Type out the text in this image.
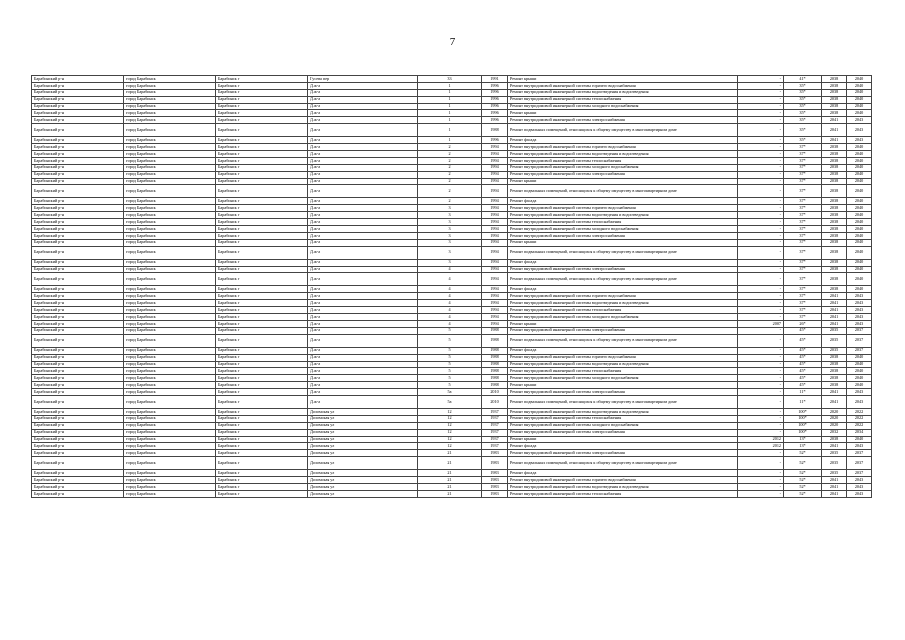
7
Барабинский р-н	город Барабинск	Барабинск г	Гусева пер	33	1991	Ремонт крыши	-	41*	2038	2040
Барабинский р-н	город Барабинск	Барабинск г	Д.ж-а	1	1996	Ремонт внутридомовой инженерной системы горячего водоснабжения	-	35*	2038	2040
Барабинский р-н	город Барабинск	Барабинск г	Д.ж-а	1	1996	Ремонт внутридомовой инженерной системы водоотведения и водоотведения	-	35*	2038	2040
Барабинский р-н	город Барабинск	Барабинск г	Д.ж-а	1	1996	Ремонт внутридомовой инженерной системы теплоснабжения	-	35*	2038	2040
Барабинский р-н	город Барабинск	Барабинск г	Д.ж-а	1	1996	Ремонт внутридомовой инженерной системы холодного водоснабжения	-	35*	2038	2040
Барабинский р-н	город Барабинск	Барабинск г	Д.ж-а	1	1996	Ремонт крыши	-	35*	2038	2040
Барабинский р-н	город Барабинск	Барабинск г	Д.ж-а	1	1996	Ремонт внутридомовой инженерной системы электроснабжения	-	35*	2041	2043
Барабинский р-н	город Барабинск	Барабинск г	Д.ж-а	1	1988	Ремонт подвальных помещений, относящихся к общему имуществу в многоквартирном доме	-	35*	2041	2043
Барабинский р-н	город Барабинск	Барабинск г	Д.ж-а	1	1996	Ремонт фасада	-	35*	2041	2043
Барабинский р-н	город Барабинск	Барабинск г	Д.ж-а	2	1994	Ремонт внутридомовой инженерной системы горячего водоснабжения	-	37*	2038	2040
Барабинский р-н	город Барабинск	Барабинск г	Д.ж-а	2	1994	Ремонт внутридомовой инженерной системы водоотведения и водоотведения	-	37*	2038	2040
Барабинский р-н	город Барабинск	Барабинск г	Д.ж-а	2	1994	Ремонт внутридомовой инженерной системы теплоснабжения	-	37*	2038	2040
Барабинский р-н	город Барабинск	Барабинск г	Д.ж-а	2	1994	Ремонт внутридомовой инженерной системы холодного водоснабжения	-	37*	2038	2040
Барабинский р-н	город Барабинск	Барабинск г	Д.ж-а	2	1994	Ремонт внутридомовой инженерной системы электроснабжения	-	37*	2038	2040
Барабинский р-н	город Барабинск	Барабинск г	Д.ж-а	2	1994	Ремонт крыши	-	37*	2038	2040
Барабинский р-н	город Барабинск	Барабинск г	Д.ж-а	2	1994	Ремонт подвальных помещений, относящихся к общему имуществу в многоквартирном доме	-	37*	2038	2040
Барабинский р-н	город Барабинск	Барабинск г	Д.ж-а	2	1994	Ремонт фасада	-	37*	2038	2040
Барабинский р-н	город Барабинск	Барабинск г	Д.ж-а	3	1994	Ремонт внутридомовой инженерной системы горячего водоснабжения	-	37*	2038	2040
Барабинский р-н	город Барабинск	Барабинск г	Д.ж-а	3	1994	Ремонт внутридомовой инженерной системы водоотведения и водоотведения	-	37*	2038	2040
Барабинский р-н	город Барабинск	Барабинск г	Д.ж-а	3	1994	Ремонт внутридомовой инженерной системы теплоснабжения	-	37*	2038	2040
Барабинский р-н	город Барабинск	Барабинск г	Д.ж-а	3	1994	Ремонт внутридомовой инженерной системы холодного водоснабжения	-	37*	2038	2040
Барабинский р-н	город Барабинск	Барабинск г	Д.ж-а	3	1994	Ремонт внутридомовой инженерной системы электроснабжения	-	37*	2038	2040
Барабинский р-н	город Барабинск	Барабинск г	Д.ж-а	3	1994	Ремонт крыши	-	37*	2038	2040
Барабинский р-н	город Барабинск	Барабинск г	Д.ж-а	3	1994	Ремонт подвальных помещений, относящихся к общему имуществу в многоквартирном доме	-	37*	2038	2040
Барабинский р-н	город Барабинск	Барабинск г	Д.ж-а	3	1994	Ремонт фасада	-	37*	2038	2040
Барабинский р-н	город Барабинск	Барабинск г	Д.ж-а	4	1994	Ремонт внутридомовой инженерной системы электроснабжения	-	37*	2038	2040
Барабинский р-н	город Барабинск	Барабинск г	Д.ж-а	4	1994	Ремонт подвальных помещений, относящихся к общему имуществу в многоквартирном доме	-	37*	2038	2040
Барабинский р-н	город Барабинск	Барабинск г	Д.ж-а	4	1994	Ремонт фасада	-	37*	2038	2040
Барабинский р-н	город Барабинск	Барабинск г	Д.ж-а	4	1994	Ремонт внутридомовой инженерной системы горячего водоснабжения	-	37*	2041	2043
Барабинский р-н	город Барабинск	Барабинск г	Д.ж-а	4	1994	Ремонт внутридомовой инженерной системы водоотведения и водоотведения	-	37*	2041	2043
Барабинский р-н	город Барабинск	Барабинск г	Д.ж-а	4	1994	Ремонт внутридомовой инженерной системы теплоснабжения	-	37*	2041	2043
Барабинский р-н	город Барабинск	Барабинск г	Д.ж-а	4	1994	Ремонт внутридомовой инженерной системы холодного водоснабжения	-	37*	2041	2043
Барабинский р-н	город Барабинск	Барабинск г	Д.ж-а	4	1994	Ремонт крыши	2007	26*	2041	2043
Барабинский р-н	город Барабинск	Барабинск г	Д.ж-а	5	1988	Ремонт внутридомовой инженерной системы электроснабжения	-	45*	2035	2037
Барабинский р-н	город Барабинск	Барабинск г	Д.ж-а	5	1988	Ремонт подвальных помещений, относящихся к общему имуществу в многоквартирном доме	-	45*	2035	2037
Барабинский р-н	город Барабинск	Барабинск г	Д.ж-а	5	1988	Ремонт фасада	-	45*	2035	2037
Барабинский р-н	город Барабинск	Барабинск г	Д.ж-а	5	1988	Ремонт внутридомовой инженерной системы горячего водоснабжения	-	45*	2038	2040
Барабинский р-н	город Барабинск	Барабинск г	Д.ж-а	5	1988	Ремонт внутридомовой инженерной системы водоотведения и водоотведения	-	45*	2038	2040
Барабинский р-н	город Барабинск	Барабинск г	Д.ж-а	5	1988	Ремонт внутридомовой инженерной системы теплоснабжения	-	45*	2038	2040
Барабинский р-н	город Барабинск	Барабинск г	Д.ж-а	5	1988	Ремонт внутридомовой инженерной системы холодного водоснабжения	-	45*	2038	2040
Барабинский р-н	город Барабинск	Барабинск г	Д.ж-а	5	1988	Ремонт крыши	-	45*	2038	2040
Барабинский р-н	город Барабинск	Барабинск г	Д.ж-а	5а	2010	Ремонт внутридомовой инженерной системы электроснабжения	-	11*	2041	2043
Барабинский р-н	город Барабинск	Барабинск г	Д.ж-а	5а	2010	Ремонт подвальных помещений, относящихся к общему имуществу в многоквартирном доме	-	11*	2041	2043
Барабинский р-н	город Барабинск	Барабинск г	Доломская ул	12	1937	Ремонт внутридомовой инженерной системы водоотведения и водоотведения	-	100*	2020	2022
Барабинский р-н	город Барабинск	Барабинск г	Доломская ул	12	1937	Ремонт внутридомовой инженерной системы теплоснабжения	-	100*	2020	2022
Барабинский р-н	город Барабинск	Барабинск г	Доломская ул	12	1937	Ремонт внутридомовой инженерной системы холодного водоснабжения	-	100*	2020	2022
Барабинский р-н	город Барабинск	Барабинск г	Доломская ул	12	1937	Ремонт внутридомовой инженерной системы электроснабжения	-	100*	2032	2034
Барабинский р-н	город Барабинск	Барабинск г	Доломская ул	12	1937	Ремонт крыши	2012	13*	2038	2040
Барабинский р-н	город Барабинск	Барабинск г	Доломская ул	12	1937	Ремонт фасада	2012	13*	2041	2043
Барабинский р-н	город Барабинск	Барабинск г	Доломская ул	21	1983	Ремонт внутридомовой инженерной системы электроснабжения	-	52*	2035	2037
Барабинский р-н	город Барабинск	Барабинск г	Доломская ул	21	1983	Ремонт подвальных помещений, относящихся к общему имуществу в многоквартирном доме	-	52*	2035	2037
Барабинский р-н	город Барабинск	Барабинск г	Доломская ул	21	1983	Ремонт фасада	-	52*	2035	2037
Барабинский р-н	город Барабинск	Барабинск г	Доломская ул	21	1983	Ремонт внутридомовой инженерной системы горячего водоснабжения	-	52*	2041	2043
Барабинский р-н	город Барабинск	Барабинск г	Доломская ул	21	1983	Ремонт внутридомовой инженерной системы водоотведения и водоотведения	-	52*	2041	2043
Барабинский р-н	город Барабинск	Барабинск г	Доломская ул	21	1983	Ремонт внутридомовой инженерной системы теплоснабжения	-	52*	2041	2043
